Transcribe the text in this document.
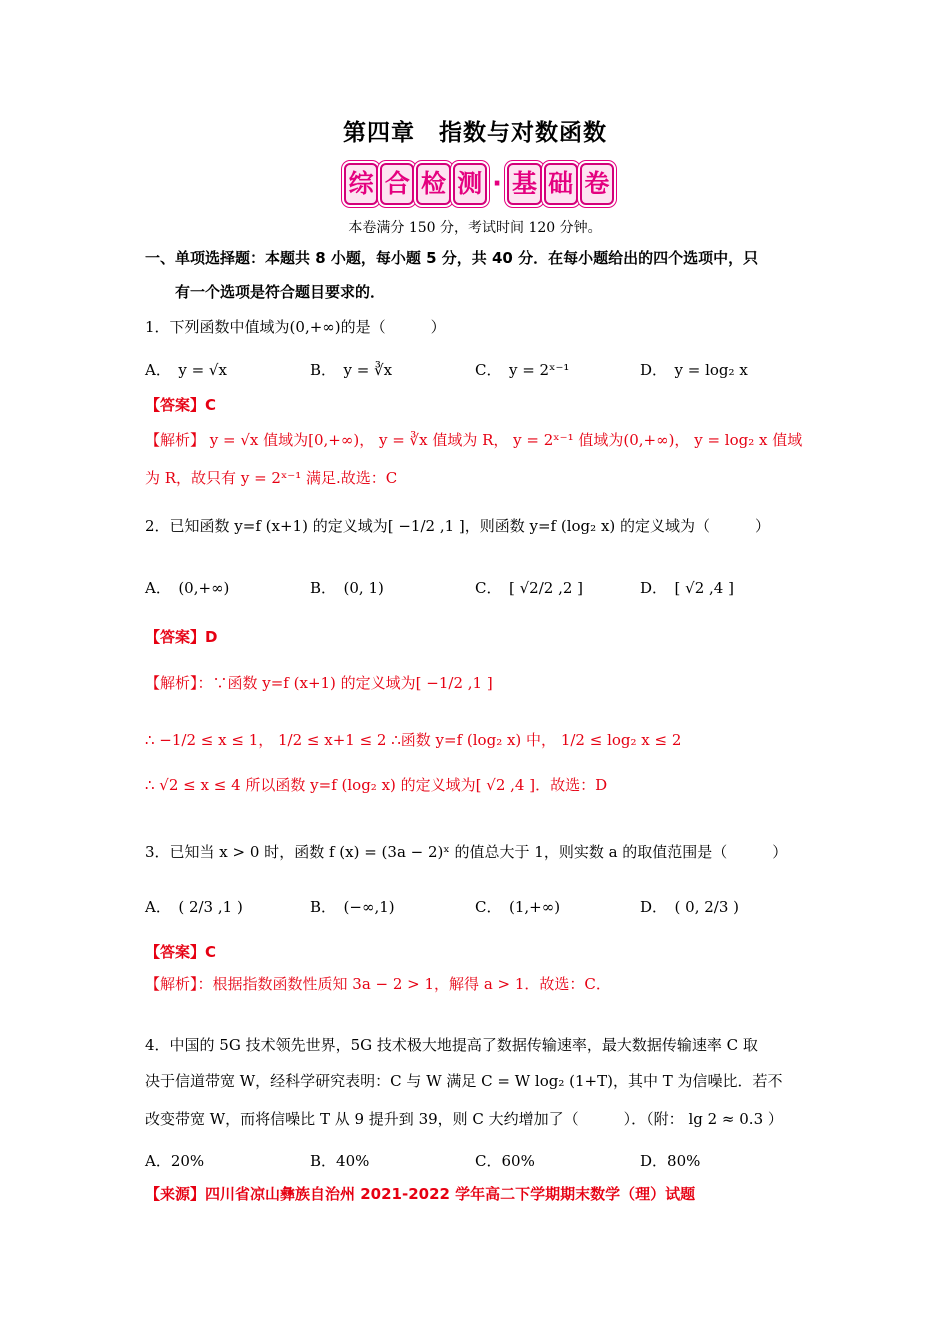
第四章　指数与对数函数
综 合 检 测 · 基 础 卷
本卷满分 150 分，考试时间 120 分钟。
一、单项选择题：本题共 8 小题，每小题 5 分，共 40 分．在每小题给出的四个选项中，只
有一个选项是符合题目要求的．
1．下列函数中值域为(0,+∞)的是（　　　）
A．　y = √x	B．　y = ∛x	C．　y = 2ˣ⁻¹	D．　y = log₂ x
【答案】C
【解析】 y = √x 值域为[0,+∞)， y = ∛x 值域为 R， y = 2ˣ⁻¹ 值域为(0,+∞)， y = log₂ x 值域
为 R，故只有 y = 2ˣ⁻¹ 满足.故选：C
2．已知函数 y=f (x+1) 的定义域为[ −1/2 ,1 ]，则函数 y=f (log₂ x) 的定义域为（　　　）
A．　(0,+∞)	B．　(0, 1)	C．　[ √2/2 ,2 ]	D．　[ √2 ,4 ]
【答案】D
【解析】：∵函数 y=f (x+1) 的定义域为[ −1/2 ,1 ]
∴ −1/2 ≤ x ≤ 1， 1/2 ≤ x+1 ≤ 2 ∴函数 y=f (log₂ x) 中， 1/2 ≤ log₂ x ≤ 2
∴ √2 ≤ x ≤ 4 所以函数 y=f (log₂ x) 的定义域为[ √2 ,4 ]．故选：D
3．已知当 x > 0 时，函数 f (x) = (3a − 2)ˣ 的值总大于 1，则实数 a 的取值范围是（　　　）
A．　( 2/3 ,1 )	B．　(−∞,1)	C．　(1,+∞)	D．　( 0, 2/3 )
【答案】C
【解析】：根据指数函数性质知 3a − 2 > 1，解得 a > 1．故选：C．
4．中国的 5G 技术领先世界，5G 技术极大地提高了数据传输速率，最大数据传输速率 C 取
决于信道带宽 W，经科学研究表明：C 与 W 满足 C = W log₂ (1+T)，其中 T 为信噪比．若不
改变带宽 W，而将信噪比 T 从 9 提升到 39，则 C 大约增加了（　　　）．（附： lg 2 ≈ 0.3 ）
A．20%	B．40%	C．60%	D．80%
【来源】四川省凉山彝族自治州 2021-2022 学年高二下学期期末数学（理）试题
